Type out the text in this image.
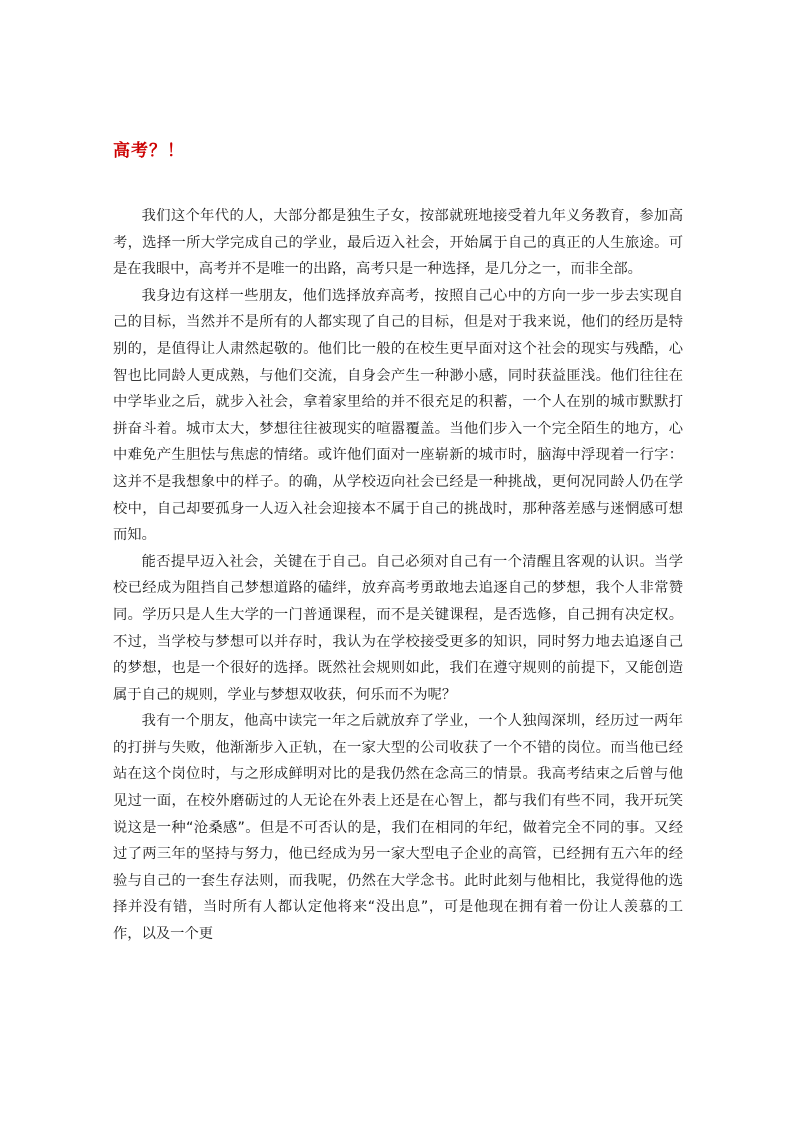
高考？！

我们这个年代的人，大部分都是独生子女，按部就班地接受着九年义务教育，参加高考，选择一所大学完成自己的学业，最后迈入社会，开始属于自己的真正的人生旅途。可是在我眼中，高考并不是唯一的出路，高考只是一种选择，是几分之一，而非全部。

我身边有这样一些朋友，他们选择放弃高考，按照自己心中的方向一步一步去实现自己的目标，当然并不是所有的人都实现了自己的目标，但是对于我来说，他们的经历是特别的，是值得让人肃然起敬的。他们比一般的在校生更早面对这个社会的现实与残酷，心智也比同龄人更成熟，与他们交流，自身会产生一种渺小感，同时获益匪浅。他们往往在中学毕业之后，就步入社会，拿着家里给的并不很充足的积蓄，一个人在别的城市默默打拼奋斗着。城市太大，梦想往往被现实的喧嚣覆盖。当他们步入一个完全陌生的地方，心中难免产生胆怯与焦虑的情绪。或许他们面对一座崭新的城市时，脑海中浮现着一行字：这并不是我想象中的样子。的确，从学校迈向社会已经是一种挑战，更何况同龄人仍在学校中，自己却要孤身一人迈入社会迎接本不属于自己的挑战时，那种落差感与迷惘感可想而知。

能否提早迈入社会，关键在于自己。自己必须对自己有一个清醒且客观的认识。当学校已经成为阻挡自己梦想道路的磕绊，放弃高考勇敢地去追逐自己的梦想，我个人非常赞同。学历只是人生大学的一门普通课程，而不是关键课程，是否选修，自己拥有决定权。不过，当学校与梦想可以并存时，我认为在学校接受更多的知识，同时努力地去追逐自己的梦想，也是一个很好的选择。既然社会规则如此，我们在遵守规则的前提下，又能创造属于自己的规则，学业与梦想双收获，何乐而不为呢？

我有一个朋友，他高中读完一年之后就放弃了学业，一个人独闯深圳，经历过一两年的打拼与失败，他渐渐步入正轨，在一家大型的公司收获了一个不错的岗位。而当他已经站在这个岗位时，与之形成鲜明对比的是我仍然在念高三的情景。我高考结束之后曾与他见过一面，在校外磨砺过的人无论在外表上还是在心智上，都与我们有些不同，我开玩笑说这是一种“沧桑感”。但是不可否认的是，我们在相同的年纪，做着完全不同的事。又经过了两三年的坚持与努力，他已经成为另一家大型电子企业的高管，已经拥有五六年的经验与自己的一套生存法则，而我呢，仍然在大学念书。此时此刻与他相比，我觉得他的选择并没有错，当时所有人都认定他将来“没出息”，可是他现在拥有着一份让人羡慕的工作，以及一个更
